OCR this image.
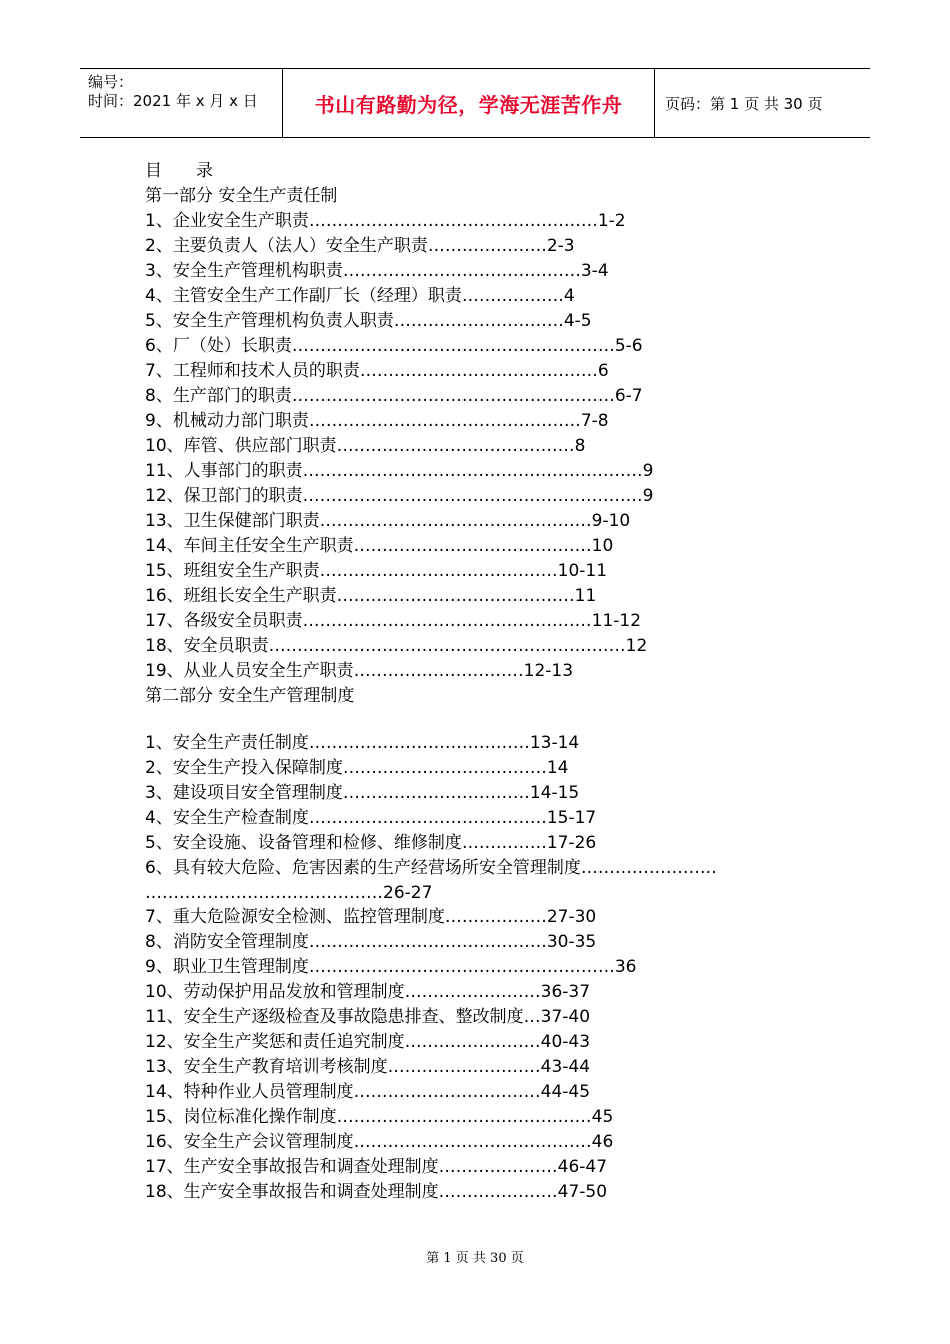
编号：
时间：2021 年 x 月 x 日	书山有路勤为径，学海无涯苦作舟	页码：第 1 页 共 30 页
目　　录
第一部分 安全生产责任制
1、企业安全生产职责……………………………………………1-2
2、主要负责人（法人）安全生产职责…………………2-3
3、安全生产管理机构职责……………………………………3-4
4、主管安全生产工作副厂长（经理）职责………………4
5、安全生产管理机构负责人职责…………………………4-5
6、厂（处）长职责…………………………………………………5-6
7、工程师和技术人员的职责……………………………………6
8、生产部门的职责…………………………………………………6-7
9、机械动力部门职责…………………………………………7-8
10、库管、供应部门职责……………………………………8
11、人事部门的职责……………………………………………………9
12、保卫部门的职责……………………………………………………9
13、卫生保健部门职责…………………………………………9-10
14、车间主任安全生产职责……………………………………10
15、班组安全生产职责……………………………………10-11
16、班组长安全生产职责……………………………………11
17、各级安全员职责……………………………………………11-12
18、安全员职责………………………………………………………12
19、从业人员安全生产职责…………………………12-13
第二部分 安全生产管理制度
1、安全生产责任制度…………………………………13-14
2、安全生产投入保障制度………………………………14
3、建设项目安全管理制度……………………………14-15
4、安全生产检查制度……………………………………15-17
5、安全设施、设备管理和检修、维修制度……………17-26
6、具有较大危险、危害因素的生产经营场所安全管理制度……………………
……………………………………26-27
7、重大危险源安全检测、监控管理制度………………27-30
8、消防安全管理制度……………………………………30-35
9、职业卫生管理制度………………………………………………36
10、劳动保护用品发放和管理制度……………………36-37
11、安全生产逐级检查及事故隐患排查、整改制度…37-40
12、安全生产奖惩和责任追究制度……………………40-43
13、安全生产教育培训考核制度………………………43-44
14、特种作业人员管理制度……………………………44-45
15、岗位标准化操作制度………………………………………45
16、安全生产会议管理制度……………………………………46
17、生产安全事故报告和调查处理制度…………………46-47
18、生产安全事故报告和调查处理制度…………………47-50
第 1 页 共 30 页
